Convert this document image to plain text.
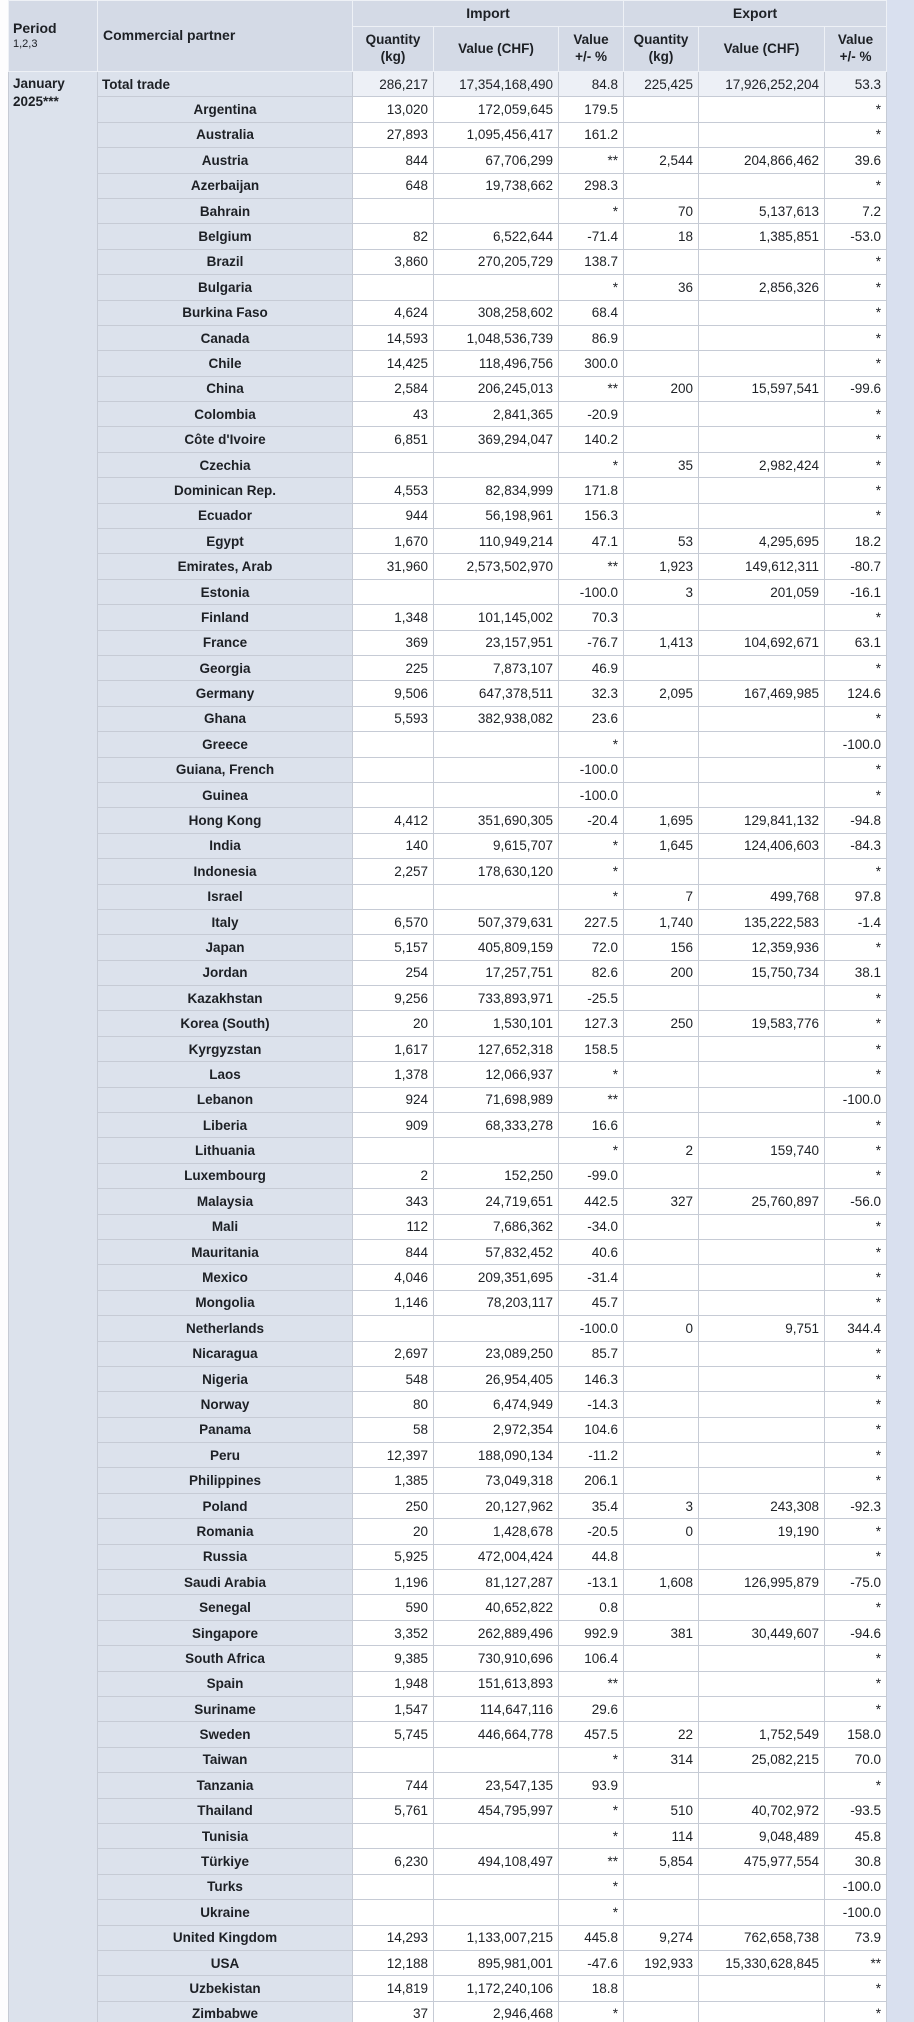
Period
1,2,3	Commercial partner	Import			Export		
		Quantity (kg)	Value (CHF)	Value +/- %	Quantity (kg)	Value (CHF)	Value +/- %
January 2025***	Total trade	286,217	17,354,168,490	84.8	225,425	17,926,252,204	53.3
	Argentina	13,020	172,059,645	179.5			*
	Australia	27,893	1,095,456,417	161.2			*
	Austria	844	67,706,299	**	2,544	204,866,462	39.6
	Azerbaijan	648	19,738,662	298.3			*
	Bahrain			*	70	5,137,613	7.2
	Belgium	82	6,522,644	-71.4	18	1,385,851	-53.0
	Brazil	3,860	270,205,729	138.7			*
	Bulgaria			*	36	2,856,326	*
	Burkina Faso	4,624	308,258,602	68.4			*
	Canada	14,593	1,048,536,739	86.9			*
	Chile	14,425	118,496,756	300.0			*
	China	2,584	206,245,013	**	200	15,597,541	-99.6
	Colombia	43	2,841,365	-20.9			*
	Côte d'Ivoire	6,851	369,294,047	140.2			*
	Czechia			*	35	2,982,424	*
	Dominican Rep.	4,553	82,834,999	171.8			*
	Ecuador	944	56,198,961	156.3			*
	Egypt	1,670	110,949,214	47.1	53	4,295,695	18.2
	Emirates, Arab	31,960	2,573,502,970	**	1,923	149,612,311	-80.7
	Estonia			-100.0	3	201,059	-16.1
	Finland	1,348	101,145,002	70.3			*
	France	369	23,157,951	-76.7	1,413	104,692,671	63.1
	Georgia	225	7,873,107	46.9			*
	Germany	9,506	647,378,511	32.3	2,095	167,469,985	124.6
	Ghana	5,593	382,938,082	23.6			*
	Greece			*			-100.0
	Guiana, French			-100.0			*
	Guinea			-100.0			*
	Hong Kong	4,412	351,690,305	-20.4	1,695	129,841,132	-94.8
	India	140	9,615,707	*	1,645	124,406,603	-84.3
	Indonesia	2,257	178,630,120	*			*
	Israel			*	7	499,768	97.8
	Italy	6,570	507,379,631	227.5	1,740	135,222,583	-1.4
	Japan	5,157	405,809,159	72.0	156	12,359,936	*
	Jordan	254	17,257,751	82.6	200	15,750,734	38.1
	Kazakhstan	9,256	733,893,971	-25.5			*
	Korea (South)	20	1,530,101	127.3	250	19,583,776	*
	Kyrgyzstan	1,617	127,652,318	158.5			*
	Laos	1,378	12,066,937	*			*
	Lebanon	924	71,698,989	**			-100.0
	Liberia	909	68,333,278	16.6			*
	Lithuania			*	2	159,740	*
	Luxembourg	2	152,250	-99.0			*
	Malaysia	343	24,719,651	442.5	327	25,760,897	-56.0
	Mali	112	7,686,362	-34.0			*
	Mauritania	844	57,832,452	40.6			*
	Mexico	4,046	209,351,695	-31.4			*
	Mongolia	1,146	78,203,117	45.7			*
	Netherlands			-100.0	0	9,751	344.4
	Nicaragua	2,697	23,089,250	85.7			*
	Nigeria	548	26,954,405	146.3			*
	Norway	80	6,474,949	-14.3			*
	Panama	58	2,972,354	104.6			*
	Peru	12,397	188,090,134	-11.2			*
	Philippines	1,385	73,049,318	206.1			*
	Poland	250	20,127,962	35.4	3	243,308	-92.3
	Romania	20	1,428,678	-20.5	0	19,190	*
	Russia	5,925	472,004,424	44.8			*
	Saudi Arabia	1,196	81,127,287	-13.1	1,608	126,995,879	-75.0
	Senegal	590	40,652,822	0.8			*
	Singapore	3,352	262,889,496	992.9	381	30,449,607	-94.6
	South Africa	9,385	730,910,696	106.4			*
	Spain	1,948	151,613,893	**			*
	Suriname	1,547	114,647,116	29.6			*
	Sweden	5,745	446,664,778	457.5	22	1,752,549	158.0
	Taiwan			*	314	25,082,215	70.0
	Tanzania	744	23,547,135	93.9			*
	Thailand	5,761	454,795,997	*	510	40,702,972	-93.5
	Tunisia			*	114	9,048,489	45.8
	Türkiye	6,230	494,108,497	**	5,854	475,977,554	30.8
	Turks			*			-100.0
	Ukraine			*			-100.0
	United Kingdom	14,293	1,133,007,215	445.8	9,274	762,658,738	73.9
	USA	12,188	895,981,001	-47.6	192,933	15,330,628,845	**
	Uzbekistan	14,819	1,172,240,106	18.8			*
	Zimbabwe	37	2,946,468	*			*
